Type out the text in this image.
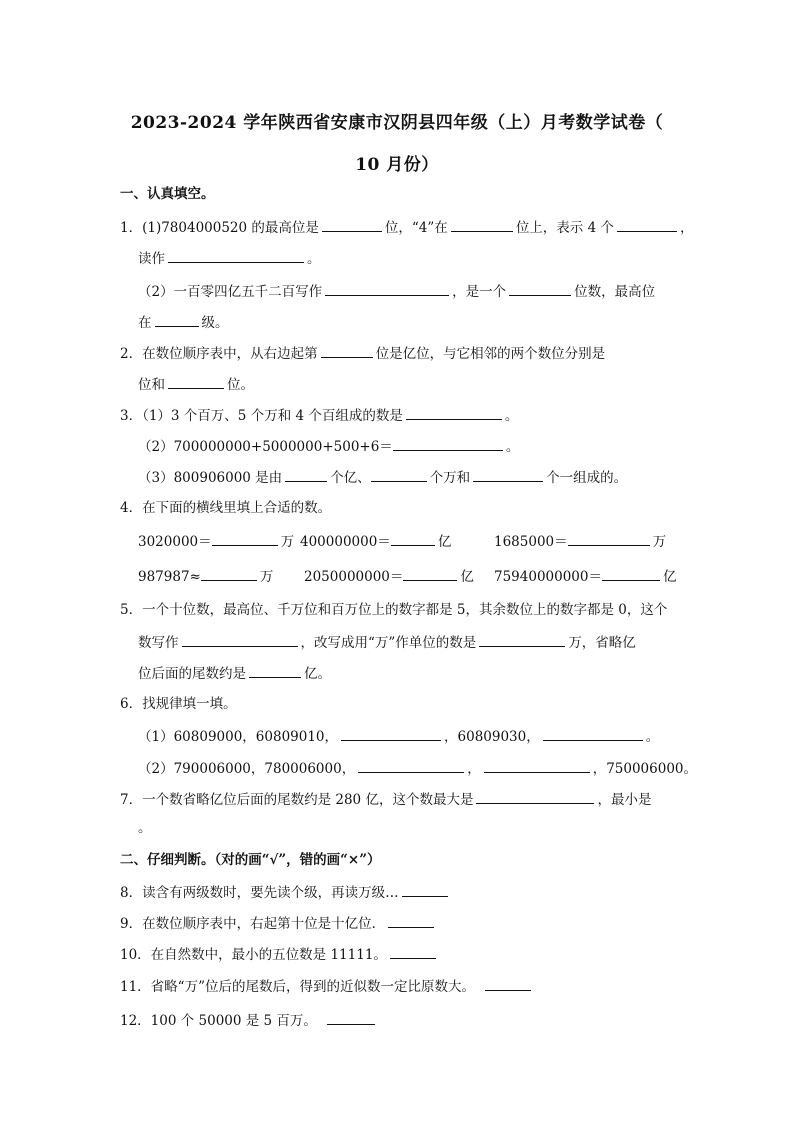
2023-2024 学年陕西省安康市汉阴县四年级（上）月考数学试卷（
10 月份）
一、认真填空。
1．(1)7804000520 的最高位是	位，“4”在	位上，表示 4 个	，
读作	。
（2）一百零四亿五千二百写作	，是一个	位数，最高位
在	级。
2．在数位顺序表中，从右边起第	位是亿位，与它相邻的两个数位分别是
位和	位。
3．（1）3 个百万、5 个万和 4 个百组成的数是	。
（2）700000000+5000000+500+6＝	。
（3）800906000 是由	个亿、	个万和	个一组成的。
4．在下面的横线里填上合适的数。
3020000＝	万 400000000＝	亿	1685000＝	万
987987≈	万 2050000000＝	亿 75940000000＝	亿
5．一个十位数，最高位、千万位和百万位上的数字都是 5，其余数位上的数字都是 0，这个
数写作	，改写成用“万”作单位的数是	万，省略亿
位后面的尾数约是	亿。
6．找规律填一填。
（1）60809000，60809010，	，60809030，	。
（2）790006000，780006000，	，	，750006000。
7．一个数省略亿位后面的尾数约是 280 亿，这个数最大是	，最小是
。
二、仔细判断。（对的画“√”，错的画“×”）
8．读含有两级数时，要先读个级，再读万级…
9．在数位顺序表中，右起第十位是十亿位．
10．在自然数中，最小的五位数是 11111。
11．省略“万”位后的尾数后，得到的近似数一定比原数大。
12．100 个 50000 是 5 百万。
